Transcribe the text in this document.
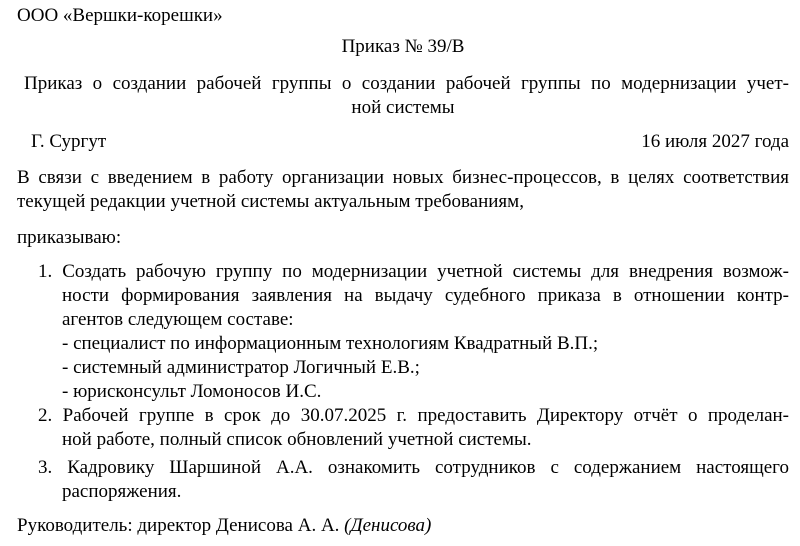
ООО «Вершки-корешки»
Приказ № 39/В
Приказ о создании рабочей группы о создании рабочей группы по модернизации учет-
ной системы
Г. Сургут	16 июля 2027 года
В связи с введением в работу организации новых бизнес-процессов, в целях соответствия
текущей редакции учетной системы актуальным требованиям,
приказываю:
1. Создать рабочую группу по модернизации учетной системы для внедрения возмож-
ности формирования заявления на выдачу судебного приказа в отношении контр-
агентов следующем составе:
- специалист по информационным технологиям Квадратный В.П.;
- системный администратор Логичный Е.В.;
- юрисконсульт Ломоносов И.С.
2. Рабочей группе в срок до 30.07.2025 г. предоставить Директору отчёт о проделан-
ной работе, полный список обновлений учетной системы.
3. Кадровику Шаршиной А.А. ознакомить сотрудников с содержанием настоящего
распоряжения.
Руководитель: директор Денисова А. А. (Денисова)
